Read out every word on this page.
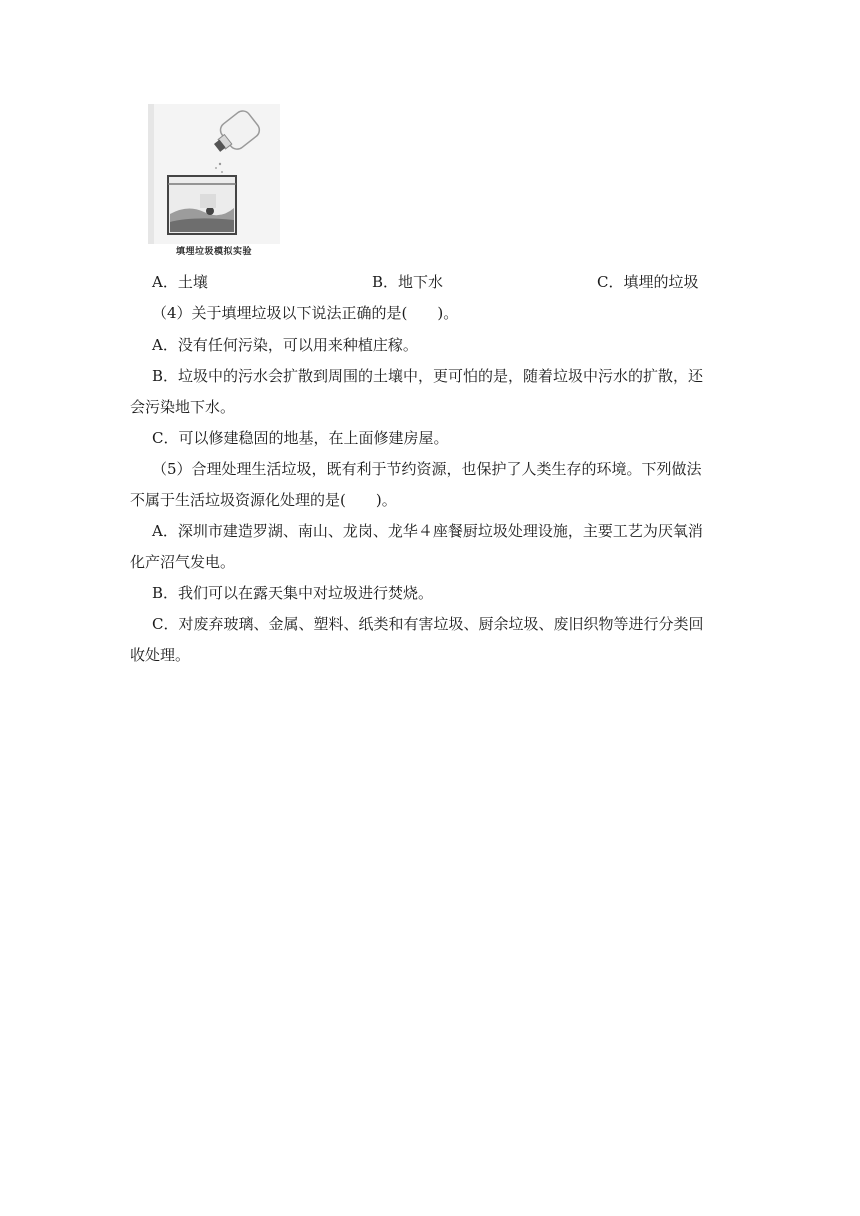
填埋垃圾模拟实验
A．土壤	B．地下水	C．填埋的垃圾
（4）关于填埋垃圾以下说法正确的是(　　)。
A．没有任何污染，可以用来种植庄稼。
B．垃圾中的污水会扩散到周围的土壤中，更可怕的是，随着垃圾中污水的扩散，还
会污染地下水。
C．可以修建稳固的地基，在上面修建房屋。
（5）合理处理生活垃圾，既有利于节约资源，也保护了人类生存的环境。下列做法
不属于生活垃圾资源化处理的是(　　)。
A．深圳市建造罗湖、南山、龙岗、龙华４座餐厨垃圾处理设施，主要工艺为厌氧消
化产沼气发电。
B．我们可以在露天集中对垃圾进行焚烧。
C．对废弃玻璃、金属、塑料、纸类和有害垃圾、厨余垃圾、废旧织物等进行分类回
收处理。
